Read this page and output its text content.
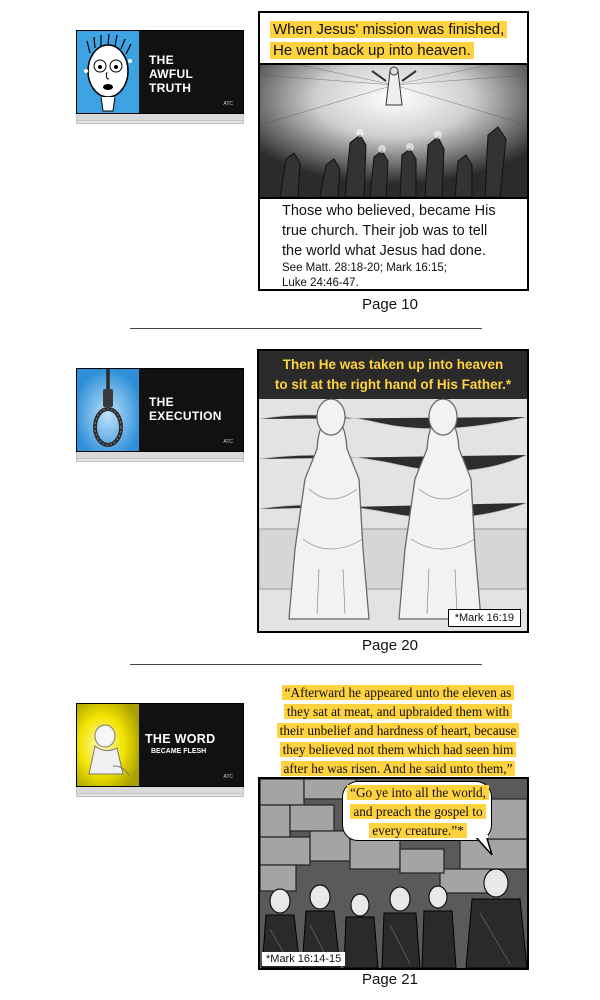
THE
AWFUL
TRUTH
ATC
When Jesus' mission was finished,
He went back up into heaven.
Those who believed, became His
true church. Their job was to tell
the world what Jesus had done.
See Matt. 28:18-20; Mark 16:15;
Luke 24:46-47.
Page 10
THE
EXECUTION
ATC
Then He was taken up into heaven
to sit at the right hand of His Father.*
*Mark 16:19
Page 20
THE WORD
BECAME FLESH
ATC
“Afterward he appeared unto the eleven as
they sat at meat, and upbraided them with
their unbelief and hardness of heart, because
they believed not them which had seen him
after he was risen. And he said unto them,”
“Go ye into all the world,
and preach the gospel to
every creature.”*
*Mark 16:14-15
Page 21
